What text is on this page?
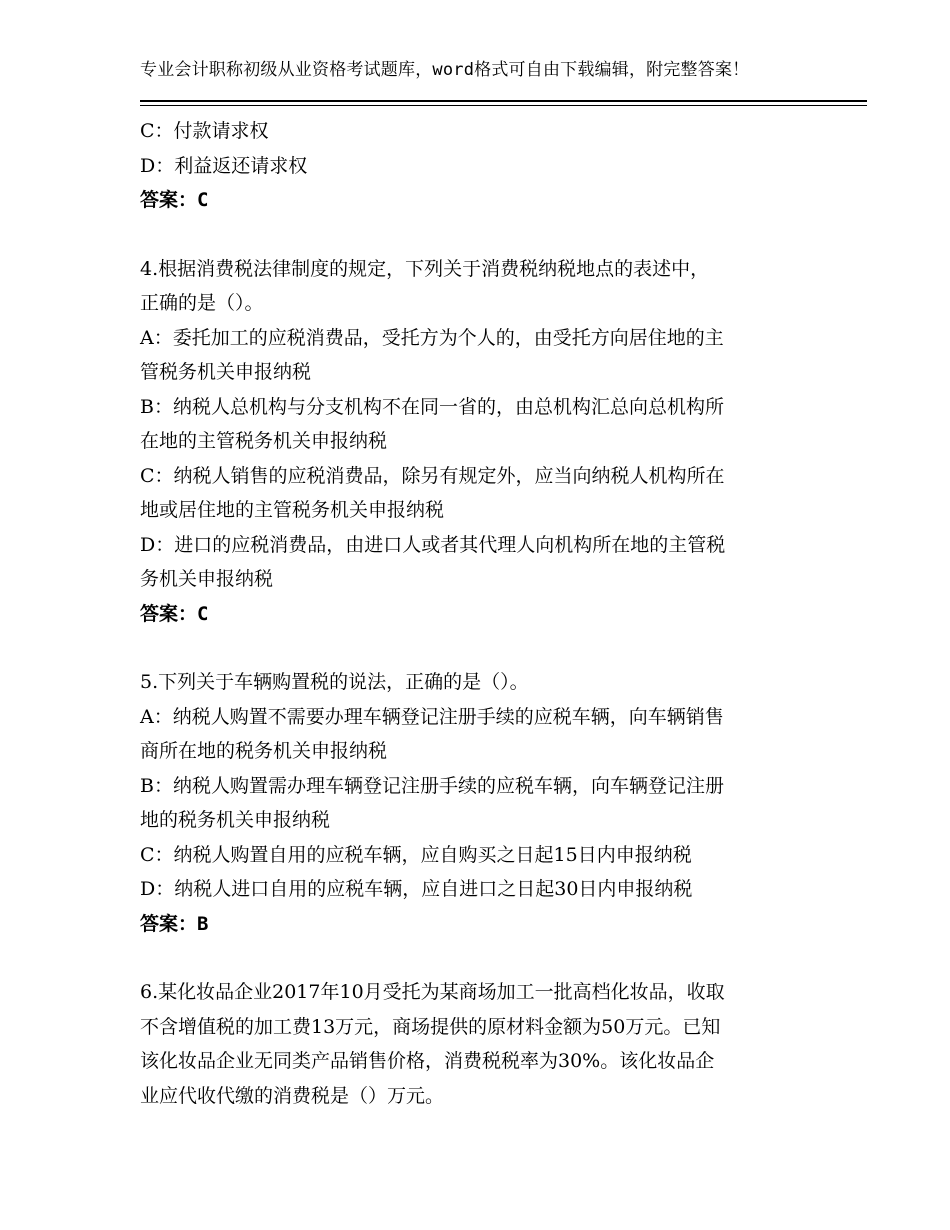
专业会计职称初级从业资格考试题库，word格式可自由下载编辑，附完整答案！
C：付款请求权
D：利益返还请求权
答案：C
4.根据消费税法律制度的规定，下列关于消费税纳税地点的表述中，
正确的是（）。
A：委托加工的应税消费品，受托方为个人的，由受托方向居住地的主
管税务机关申报纳税
B：纳税人总机构与分支机构不在同一省的，由总机构汇总向总机构所
在地的主管税务机关申报纳税
C：纳税人销售的应税消费品，除另有规定外，应当向纳税人机构所在
地或居住地的主管税务机关申报纳税
D：进口的应税消费品，由进口人或者其代理人向机构所在地的主管税
务机关申报纳税
答案：C
5.下列关于车辆购置税的说法，正确的是（）。
A：纳税人购置不需要办理车辆登记注册手续的应税车辆，向车辆销售
商所在地的税务机关申报纳税
B：纳税人购置需办理车辆登记注册手续的应税车辆，向车辆登记注册
地的税务机关申报纳税
C：纳税人购置自用的应税车辆，应自购买之日起15日内申报纳税
D：纳税人进口自用的应税车辆，应自进口之日起30日内申报纳税
答案：B
6.某化妆品企业2017年10月受托为某商场加工一批高档化妆品，收取
不含增值税的加工费13万元，商场提供的原材料金额为50万元。已知
该化妆品企业无同类产品销售价格，消费税税率为30%。该化妆品企
业应代收代缴的消费税是（）万元。
